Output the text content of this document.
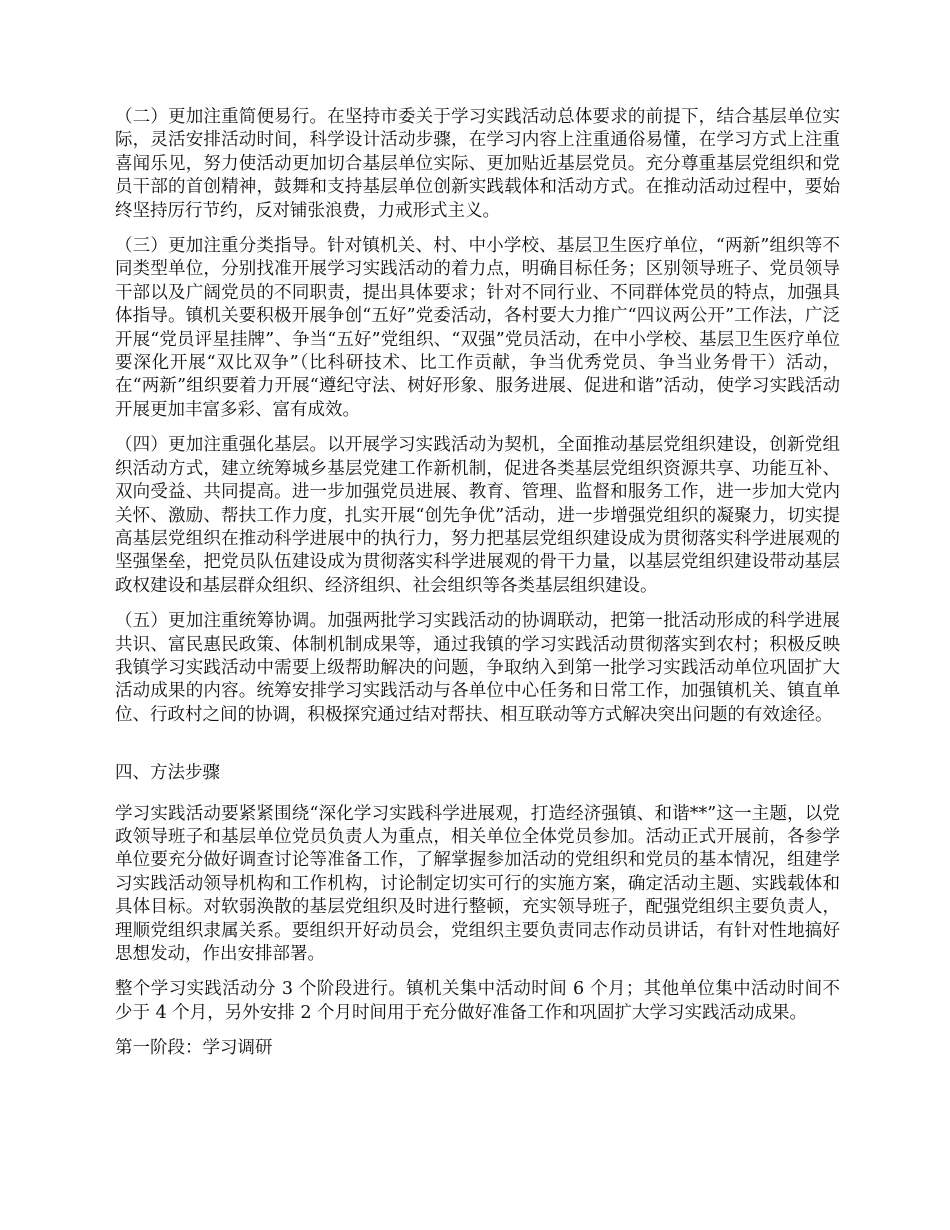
（二）更加注重简便易行。在坚持市委关于学习实践活动总体要求的前提下，结合基层单位实际，灵活安排活动时间，科学设计活动步骤，在学习内容上注重通俗易懂，在学习方式上注重喜闻乐见，努力使活动更加切合基层单位实际、更加贴近基层党员。充分尊重基层党组织和党员干部的首创精神，鼓舞和支持基层单位创新实践载体和活动方式。在推动活动过程中，要始终坚持厉行节约，反对铺张浪费，力戒形式主义。

（三）更加注重分类指导。针对镇机关、村、中小学校、基层卫生医疗单位，“两新”组织等不同类型单位，分别找准开展学习实践活动的着力点，明确目标任务；区别领导班子、党员领导干部以及广阔党员的不同职责，提出具体要求；针对不同行业、不同群体党员的特点，加强具体指导。镇机关要积极开展争创“五好”党委活动，各村要大力推广“四议两公开”工作法，广泛开展“党员评星挂牌”、争当“五好”党组织、“双强”党员活动，在中小学校、基层卫生医疗单位要深化开展“双比双争”（比科研技术、比工作贡献，争当优秀党员、争当业务骨干）活动，在“两新”组织要着力开展“遵纪守法、树好形象、服务进展、促进和谐”活动，使学习实践活动开展更加丰富多彩、富有成效。

（四）更加注重强化基层。以开展学习实践活动为契机，全面推动基层党组织建设，创新党组织活动方式，建立统筹城乡基层党建工作新机制，促进各类基层党组织资源共享、功能互补、双向受益、共同提高。进一步加强党员进展、教育、管理、监督和服务工作，进一步加大党内关怀、激励、帮扶工作力度，扎实开展“创先争优”活动，进一步增强党组织的凝聚力，切实提高基层党组织在推动科学进展中的执行力，努力把基层党组织建设成为贯彻落实科学进展观的坚强堡垒，把党员队伍建设成为贯彻落实科学进展观的骨干力量，以基层党组织建设带动基层政权建设和基层群众组织、经济组织、社会组织等各类基层组织建设。

（五）更加注重统筹协调。加强两批学习实践活动的协调联动，把第一批活动形成的科学进展共识、富民惠民政策、体制机制成果等，通过我镇的学习实践活动贯彻落实到农村；积极反映我镇学习实践活动中需要上级帮助解决的问题，争取纳入到第一批学习实践活动单位巩固扩大活动成果的内容。统筹安排学习实践活动与各单位中心任务和日常工作，加强镇机关、镇直单位、行政村之间的协调，积极探究通过结对帮扶、相互联动等方式解决突出问题的有效途径。

四、方法步骤

学习实践活动要紧紧围绕“深化学习实践科学进展观，打造经济强镇、和谐**”这一主题，以党政领导班子和基层单位党员负责人为重点，相关单位全体党员参加。活动正式开展前，各参学单位要充分做好调查讨论等准备工作，了解掌握参加活动的党组织和党员的基本情况，组建学习实践活动领导机构和工作机构，讨论制定切实可行的实施方案，确定活动主题、实践载体和具体目标。对软弱涣散的基层党组织及时进行整顿，充实领导班子，配强党组织主要负责人，理顺党组织隶属关系。要组织开好动员会，党组织主要负责同志作动员讲话，有针对性地搞好思想发动，作出安排部署。

整个学习实践活动分 3 个阶段进行。镇机关集中活动时间 6 个月；其他单位集中活动时间不少于 4 个月，另外安排 2 个月时间用于充分做好准备工作和巩固扩大学习实践活动成果。

第一阶段：学习调研
